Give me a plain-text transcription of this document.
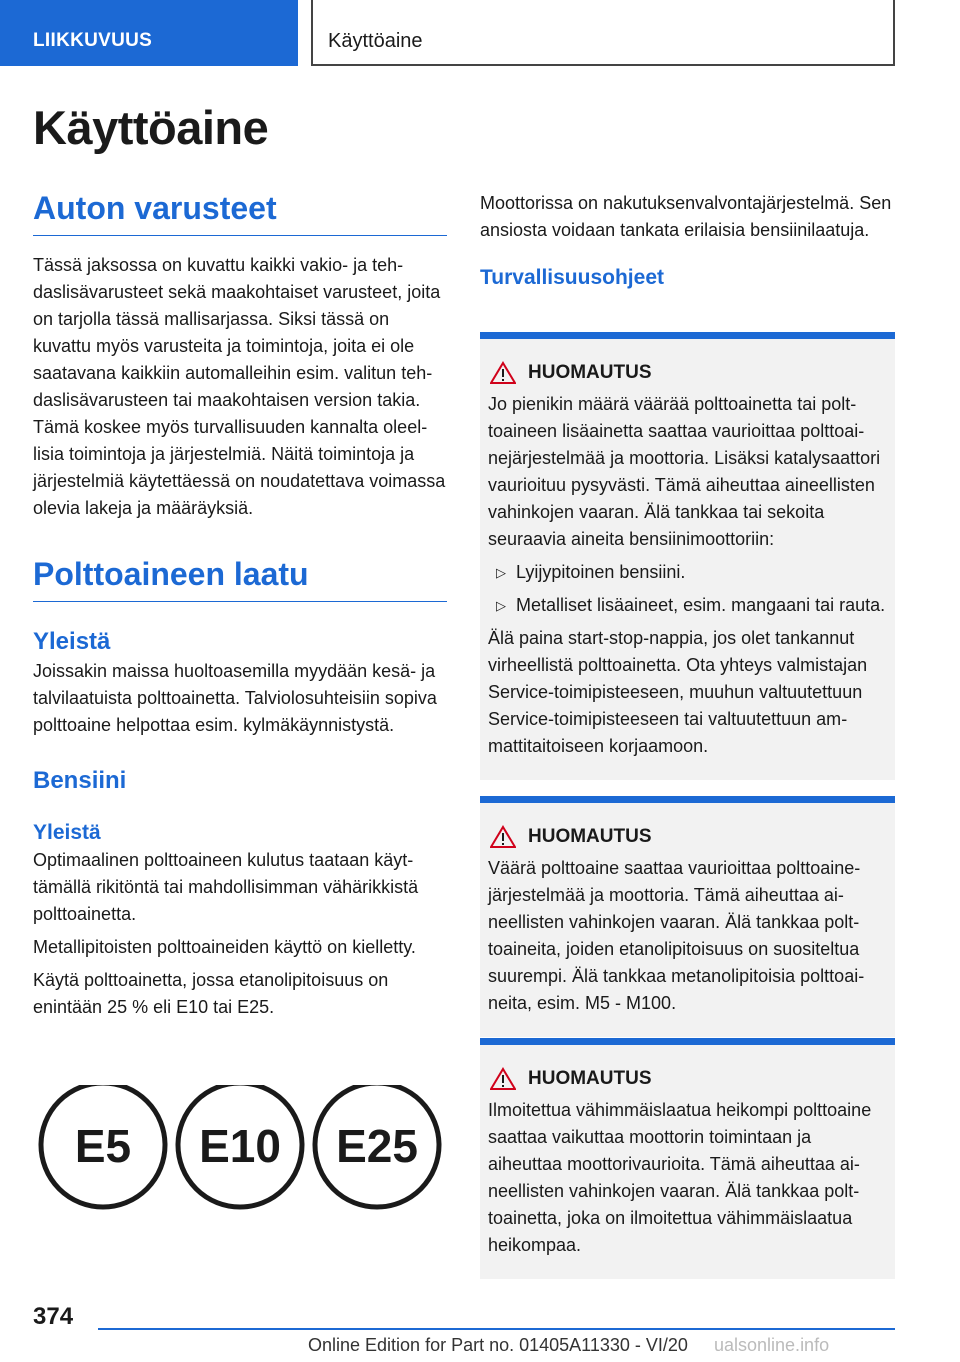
LIIKKUVUUS	Käyttöaine
Käyttöaine
Auton varusteet

Tässä jaksossa on kuvattu kaikki vakio- ja tehdaslisävarusteet sekä maakohtaiset varusteet, joita on tarjolla tässä mallisarjassa. Siksi tässä on kuvattu myös varusteita ja toimintoja, joita ei ole saatavana kaikkiin automalleihin esim. valitun tehdaslisävarusteen tai maakohtaisen version takia. Tämä koskee myös turvallisuuden kannalta oleellisia toimintoja ja järjestelmiä. Näitä toimintoja ja järjestelmiä käytettäessä on noudatettava voimassa olevia lakeja ja määräyksiä.

Polttoaineen laatu
Yleistä

Joissakin maissa huoltoasemilla myydään kesä- ja talvilaatuista polttoainetta. Talviolosuhteisiin sopiva polttoaine helpottaa esim. kylmäkäynnistystä.

Bensiini
Yleistä

Optimaalinen polttoaineen kulutus taataan käyttämällä rikitöntä tai mahdollisimman vähärikkistä polttoainetta.

Metallipitoisten polttoaineiden käyttö on kielletty.

Käytä polttoainetta, jossa etanolipitoisuus on enintään 25 % eli E10 tai E25.

E5 E10 E25

Moottorissa on nakutuksenvalvontajärjestelmä. Sen ansiosta voidaan tankata erilaisia bensiinilaatuja.

Turvallisuusohjeet
HUOMAUTUS

Jo pienikin määrä väärää polttoainetta tai polttoaineen lisäainetta saattaa vaurioittaa polttoainejärjestelmää ja moottoria. Lisäksi katalysaattori vaurioituu pysyvästi. Tämä aiheuttaa aineellisten vahinkojen vaaran. Älä tankkaa tai sekoita seuraavia aineita bensiinimoottoriin:

▷ Lyijypitoinen bensiini.
▷ Metalliset lisäaineet, esim. mangaani tai rauta.

Älä paina start-stop-nappia, jos olet tankannut virheellistä polttoainetta. Ota yhteys valmistajan Service-toimipisteeseen, muuhun valtuutettuun Service-toimipisteeseen tai valtuutettuun ammattitaitoiseen korjaamoon.

HUOMAUTUS

Väärä polttoaine saattaa vaurioittaa polttoainejärjestelmää ja moottoria. Tämä aiheuttaa aineellisten vahinkojen vaaran. Älä tankkaa polttoaineita, joiden etanolipitoisuus on suositeltua suurempi. Älä tankkaa metanolipitoisia polttoaineita, esim. M5 - M100.

HUOMAUTUS

Ilmoitettua vähimmäislaatua heikompi polttoaine saattaa vaikuttaa moottorin toimintaan ja aiheuttaa moottorivaurioita. Tämä aiheuttaa aineellisten vahinkojen vaaran. Älä tankkaa polttoainetta, joka on ilmoitettua vähimmäislaatua heikompaa.

374
Online Edition for Part no. 01405A11330 - VI/20 ualsonline.info
